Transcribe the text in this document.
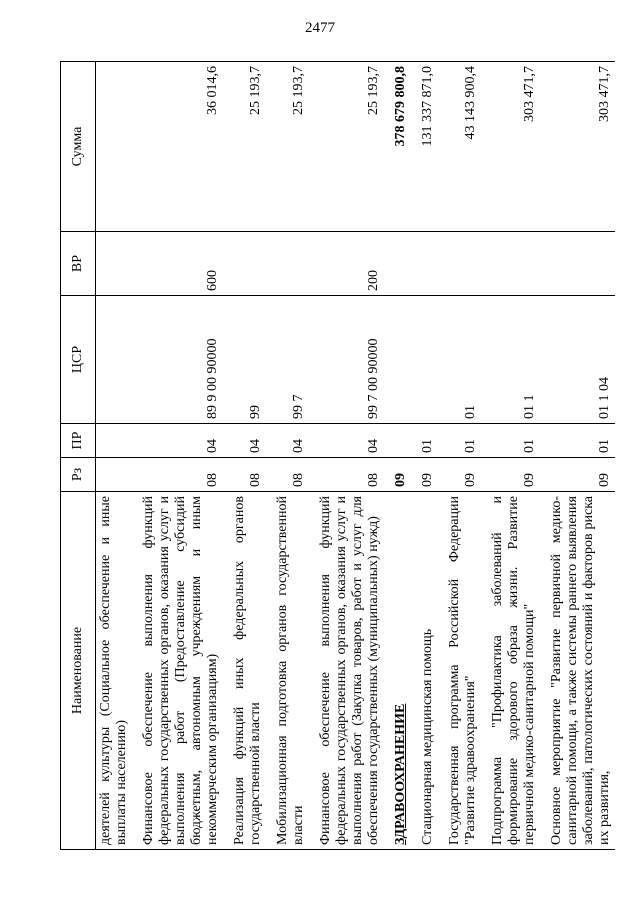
2477
Наименование	Рз	ПР	ЦСР	ВР	Сумма
деятелей культуры (Социальное обеспечение и иные выплаты населению)					
Финансовое обеспечение выполнения функций федеральных государственных органов, оказания услуг и выполнения работ (Предоставление субсидий бюджетным, автономным учреждениям и иным некоммерческим организациям)	08	04	89 9 00 90000	600	36 014,6
Реализация функций иных федеральных органов государственной власти	08	04	99		25 193,7
Мобилизационная подготовка органов государственной власти	08	04	99 7		25 193,7
Финансовое обеспечение выполнения функций федеральных государственных органов, оказания услуг и выполнения работ (Закупка товаров, работ и услуг для обеспечения государственных (муниципальных) нужд)	08	04	99 7 00 90000	200	25 193,7
ЗДРАВООХРАНЕНИЕ	09				378 679 800,8
Стационарная медицинская помощь	09	01			131 337 871,0
Государственная программа Российской Федерации "Развитие здравоохранения"	09	01	01		43 143 900,4
Подпрограмма "Профилактика заболеваний и формирование здорового образа жизни. Развитие первичной медико-санитарной помощи"	09	01	01 1		303 471,7
Основное мероприятие "Развитие первичной медико-санитарной помощи, а также системы раннего выявления заболеваний, патологических состояний и факторов риска их развития,	09	01	01 1 04		303 471,7
